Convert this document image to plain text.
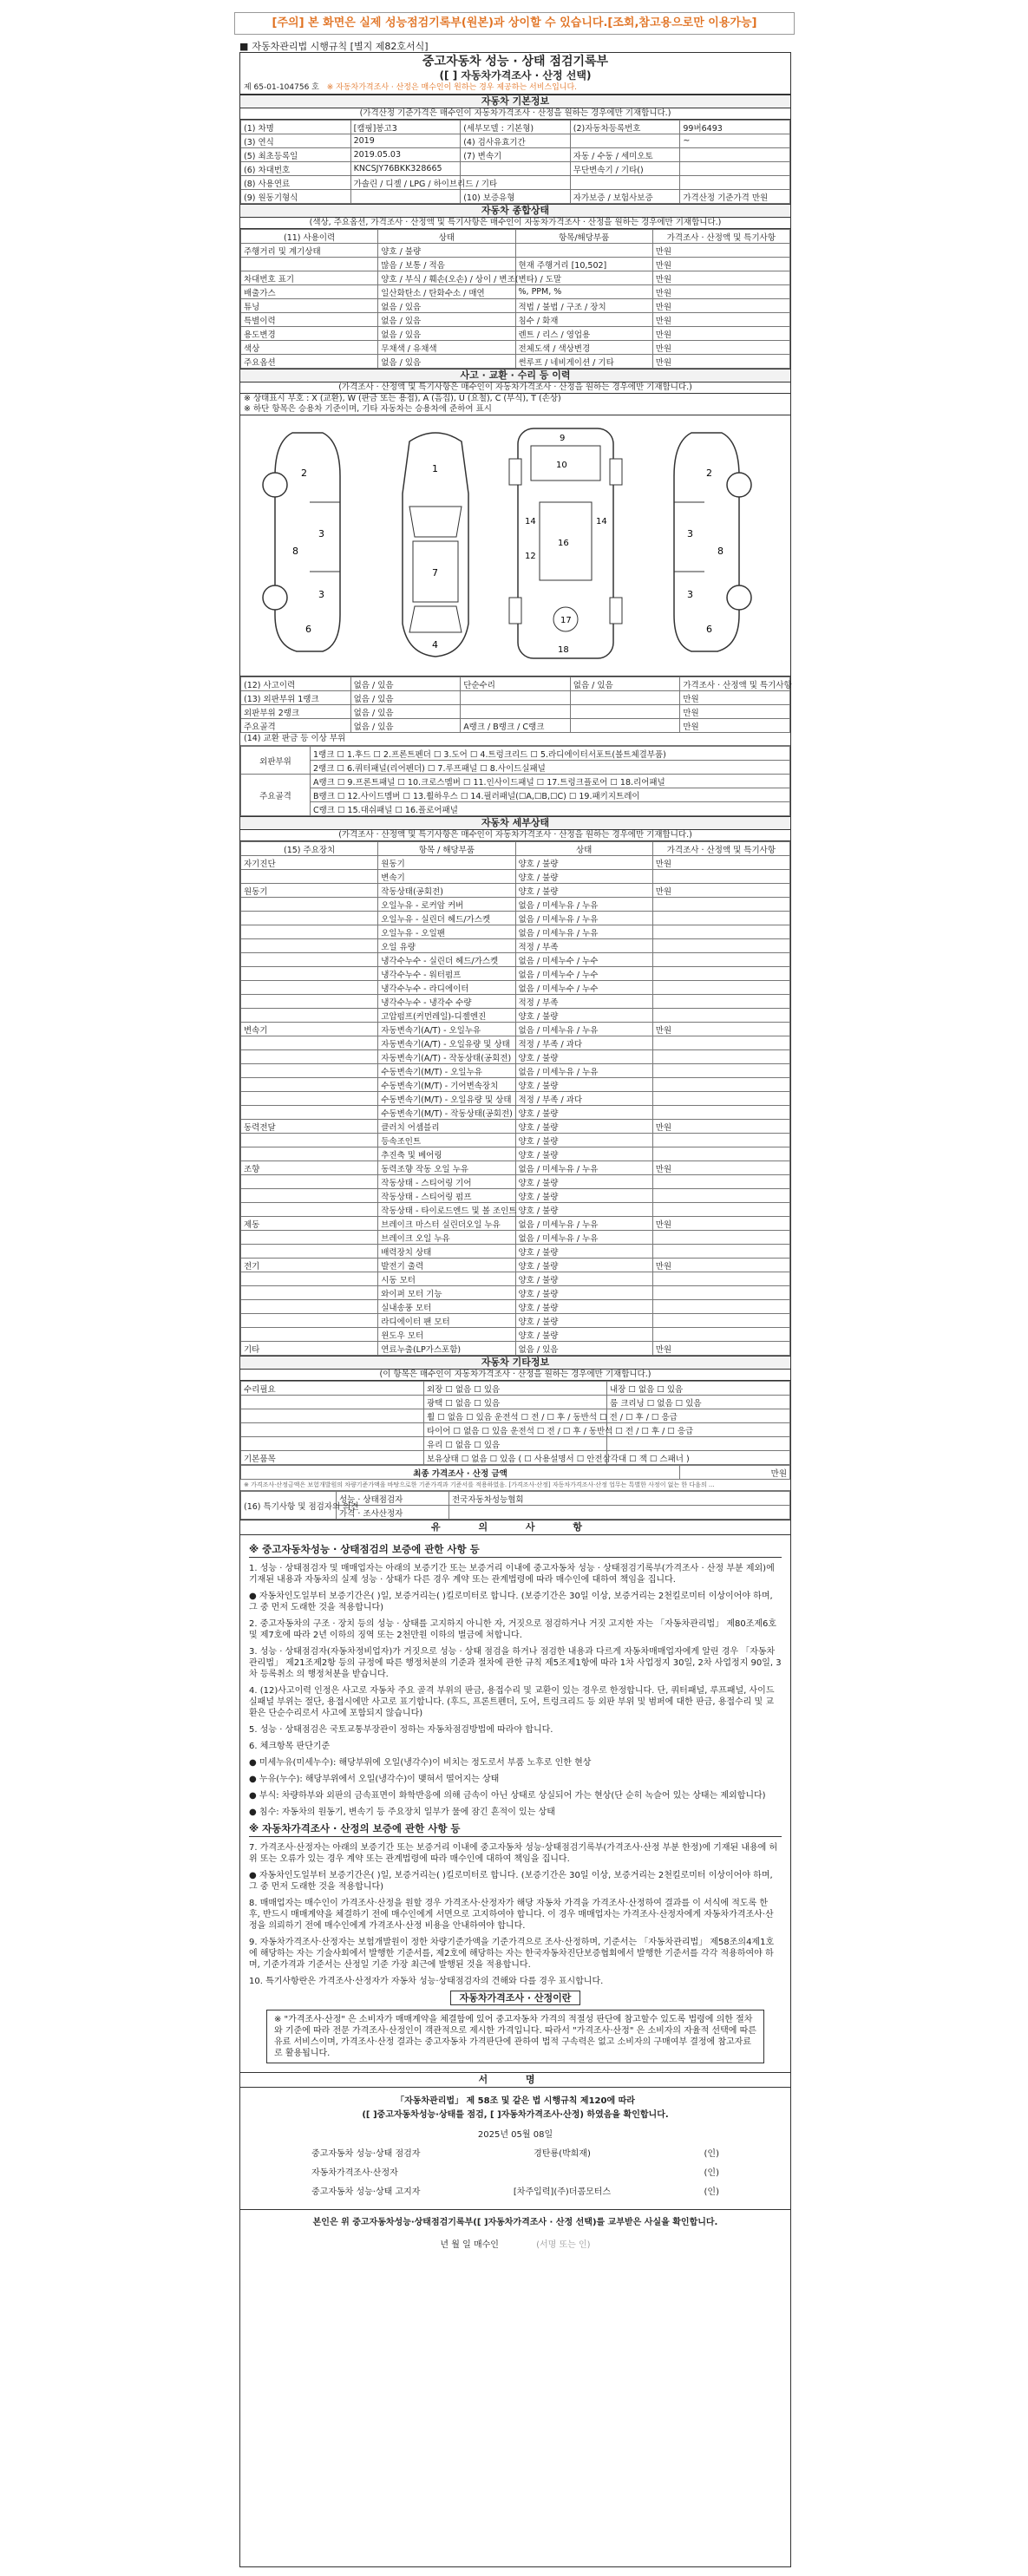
[주의] 본 화면은 실제 성능점검기록부(원본)과 상이할 수 있습니다.[조회,참고용으로만 이용가능]
■ 자동차관리법 시행규칙 [별지 제82호서식]
중고자동차 성능 · 상태 점검기록부
([ ] 자동차가격조사 · 산정 선택)
제 65-01-104756 호 ※ 자동차가격조사 · 산정은 매수인이 원하는 경우 제공하는 서비스입니다.
자동차 기본정보
(가격산정 기준가격은 매수인이 자동차가격조사 · 산정을 원하는 경우에만 기재합니다.)
(1) 차명	[캠핑]봉고3	(세부모델 : 기본형)	(2)자동차등록번호	99버6493
(3) 연식	2019	(4) 검사유효기간		~
(5) 최초등록일	2019.05.03	(7) 변속기	자동 / 수동 / 세미오토	
(6) 차대번호	KNCSJY76BKK328665		무단변속기 / 기타()	
(8) 사용연료	가솔린 / 디젤 / LPG / 하이브리드 / 기타			
(9) 원동기형식		(10) 보증유형	자가보증 / 보험사보증	가격산정 기준가격 만원
자동차 종합상태
(색상, 주요옵션, 가격조사 · 산정액 및 특기사항은 매수인이 자동차가격조사 · 산정을 원하는 경우에만 기재합니다.)
(11) 사용이력	상태	항목/해당부품	가격조사 · 산정액 및 특기사항
주행거리 및 계기상태	양호 / 불량		만원
	많음 / 보통 / 적음	현재 주행거리 [10,502]	만원
차대번호 표기	양호 / 부식 / 훼손(오손) / 상이 / 변조(변타) / 도말		만원
배출가스	일산화탄소 / 탄화수소 / 매연	%, PPM, %	만원
튜닝	없음 / 있음	적법 / 불법 / 구조 / 장치	만원
특별이력	없음 / 있음	침수 / 화재	만원
용도변경	없음 / 있음	렌트 / 리스 / 영업용	만원
색상	무채색 / 유채색	전체도색 / 색상변경	만원
주요옵션	없음 / 있음	썬루프 / 네비게이션 / 기타	만원
사고 · 교환 · 수리 등 이력
(가격조사 · 산정액 및 특기사항은 매수인이 자동차가격조사 · 산정을 원하는 경우에만 기재합니다.)
※ 상태표시 부호 : X (교환), W (판금 또는 용접), A (흠집), U (요철), C (부식), T (손상)
※ 하단 항목은 승용차 기준이며, 기타 자동차는 승용차에 준하여 표시
2
3
3
6
8
1
7
4
9
10
16
17
18
14	14
12
2
3
3
6
8
(12) 사고이력	없음 / 있음	단순수리	없음 / 있음	가격조사 · 산정액 및 특기사항
(13) 외판부위 1랭크	없음 / 있음			만원
외판부위 2랭크	없음 / 있음			만원
주요골격	없음 / 있음	A랭크 / B랭크 / C랭크		만원
(14) 교환 판금 등 이상 부위
외판부위	1랭크 ☐ 1.후드 ☐ 2.프론트펜더 ☐ 3.도어 ☐ 4.트렁크리드 ☐ 5.라디에이터서포트(볼트체결부품)
	2랭크 ☐ 6.쿼터패널(리어펜더) ☐ 7.루프패널 ☐ 8.사이드실패널
주요골격	A랭크 ☐ 9.프론트패널 ☐ 10.크로스멤버 ☐ 11.인사이드패널 ☐ 17.트렁크플로어 ☐ 18.리어패널
	B랭크 ☐ 12.사이드멤버 ☐ 13.휠하우스 ☐ 14.필러패널(☐A,☐B,☐C) ☐ 19.패키지트레이
	C랭크 ☐ 15.대쉬패널 ☐ 16.플로어패널
자동차 세부상태
(가격조사 · 산정액 및 특기사항은 매수인이 자동차가격조사 · 산정을 원하는 경우에만 기재합니다.)
(15) 주요장치	항목 / 해당부품	상태	가격조사 · 산정액 및 특기사항
자기진단	원동기	양호 / 불량	만원
	변속기	양호 / 불량	
원동기	작동상태(공회전)	양호 / 불량	만원
	오일누유 - 로커암 커버	없음 / 미세누유 / 누유	
	오일누유 - 실린더 헤드/가스켓	없음 / 미세누유 / 누유	
	오일누유 - 오일팬	없음 / 미세누유 / 누유	
	오일 유량	적정 / 부족	
	냉각수누수 - 실린더 헤드/가스켓	없음 / 미세누수 / 누수	
	냉각수누수 - 워터펌프	없음 / 미세누수 / 누수	
	냉각수누수 - 라디에이터	없음 / 미세누수 / 누수	
	냉각수누수 - 냉각수 수량	적정 / 부족	
	고압펌프(커먼레일)-디젤엔진	양호 / 불량	
변속기	자동변속기(A/T) - 오일누유	없음 / 미세누유 / 누유	만원
	자동변속기(A/T) - 오일유량 및 상태	적정 / 부족 / 과다	
	자동변속기(A/T) - 작동상태(공회전)	양호 / 불량	
	수동변속기(M/T) - 오일누유	없음 / 미세누유 / 누유	
	수동변속기(M/T) - 기어변속장치	양호 / 불량	
	수동변속기(M/T) - 오일유량 및 상태	적정 / 부족 / 과다	
	수동변속기(M/T) - 작동상태(공회전)	양호 / 불량	
동력전달	클러치 어셈블리	양호 / 불량	만원
	등속조인트	양호 / 불량	
	추진축 및 베어링	양호 / 불량	
조향	동력조향 작동 오일 누유	없음 / 미세누유 / 누유	만원
	작동상태 - 스티어링 기어	양호 / 불량	
	작동상태 - 스티어링 펌프	양호 / 불량	
	작동상태 - 타이로드엔드 및 볼 조인트	양호 / 불량	
제동	브레이크 마스터 실린더오일 누유	없음 / 미세누유 / 누유	만원
	브레이크 오일 누유	없음 / 미세누유 / 누유	
	배력장치 상태	양호 / 불량	
전기	발전기 출력	양호 / 불량	만원
	시동 모터	양호 / 불량	
	와이퍼 모터 기능	양호 / 불량	
	실내송풍 모터	양호 / 불량	
	라디에이터 팬 모터	양호 / 불량	
	윈도우 모터	양호 / 불량	
기타	연료누출(LP가스포함)	없음 / 있음	만원
자동차 기타정보
(이 항목은 매수인이 자동차가격조사 · 산정을 원하는 경우에만 기재합니다.)
수리필요	외장 ☐ 없음 ☐ 있음	내장 ☐ 없음 ☐ 있음
	광택 ☐ 없음 ☐ 있음	룸 크리닝 ☐ 없음 ☐ 있음
	휠 ☐ 없음 ☐ 있음 운전석 ☐ 전 / ☐ 후 / 동반석 ☐ 전 / ☐ 후 / ☐ 응급	
	타이어 ☐ 없음 ☐ 있음 운전석 ☐ 전 / ☐ 후 / 동반석 ☐ 전 / ☐ 후 / ☐ 응급	
	유리 ☐ 없음 ☐ 있음	
기본품목	보유상태 ☐ 없음 ☐ 있음 ( ☐ 사용설명서 ☐ 안전삼각대 ☐ 잭 ☐ 스패너 )	
최종 가격조사 · 산정 금액	만원
※ 가격조사·산정금액은 보험개발원의 차량기준가액을 바탕으로한 기준가격과 기준서를 적용하였음. [가격조사·산정] 자동차가격조사·산정 업무는 특별한 사정이 없는 한 다음의 ...
(16) 특기사항 및 점검자의 의견	성능 · 상태점검자	전국자동차성능협회
	가격 · 조사산정자	
유 의 사 항
※ 중고자동차성능 · 상태점검의 보증에 관한 사항 등

1. 성능 · 상태점검자 및 매매업자는 아래의 보증기간 또는 보증거리 이내에 중고자동차 성능 · 상태점검기록부(가격조사 · 산정 부분 제외)에 기재된 내용과 자동차의 실제 성능 · 상태가 다른 경우 계약 또는 관계법령에 따라 매수인에 대하여 책임을 집니다.

● 자동차인도일부터 보증기간은( )일, 보증거리는( )킬로미터로 합니다. (보증기간은 30일 이상, 보증거리는 2천킬로미터 이상이어야 하며, 그 중 먼저 도래한 것을 적용합니다)

2. 중고자동차의 구조 · 장치 등의 성능 · 상태를 고지하지 아니한 자, 거짓으로 점검하거나 거짓 고지한 자는 「자동차관리법」 제80조제6호 및 제7호에 따라 2년 이하의 징역 또는 2천만원 이하의 벌금에 처합니다.

3. 성능 · 상태점검자(자동차정비업자)가 거짓으로 성능 · 상태 점검을 하거나 점검한 내용과 다르게 자동차매매업자에게 알린 경우 「자동차관리법」 제21조제2항 등의 규정에 따른 행정처분의 기준과 절차에 관한 규칙 제5조제1항에 따라 1차 사업정지 30일, 2차 사업정지 90일, 3차 등록취소 의 행정처분을 받습니다.

4. (12)사고이력 인정은 사고로 자동차 주요 골격 부위의 판금, 용접수리 및 교환이 있는 경우로 한정합니다. 단, 쿼터패널, 루프패널, 사이드실패널 부위는 절단, 용접시에만 사고로 표기합니다. (후드, 프론트펜더, 도어, 트렁크리드 등 외판 부위 및 범퍼에 대한 판금, 용접수리 및 교환은 단순수리로서 사고에 포함되지 않습니다)

5. 성능 · 상태점검은 국토교통부장관이 정하는 자동차점검방법에 따라야 합니다.

6. 체크항목 판단기준

● 미세누유(미세누수): 해당부위에 오일(냉각수)이 비치는 정도로서 부품 노후로 인한 현상

● 누유(누수): 해당부위에서 오일(냉각수)이 맺혀서 떨어지는 상태

● 부식: 차량하부와 외판의 금속표면이 화학반응에 의해 금속이 아닌 상태로 상실되어 가는 현상(단 순히 녹슬어 있는 상태는 제외합니다)

● 침수: 자동차의 원동기, 변속기 등 주요장치 일부가 물에 잠긴 흔적이 있는 상태

※ 자동차가격조사 · 산정의 보증에 관한 사항 등

7. 가격조사·산정자는 아래의 보증기간 또는 보증거리 이내에 중고자동차 성능·상태점검기록부(가격조사·산정 부분 한정)에 기재된 내용에 허위 또는 오류가 있는 경우 계약 또는 관계법령에 따라 매수인에 대하여 책임을 집니다.

● 자동차인도일부터 보증기간은( )일, 보증거리는( )킬로미터로 합니다. (보증기간은 30일 이상, 보증거리는 2천킬로미터 이상이어야 하며, 그 중 먼저 도래한 것을 적용합니다)

8. 매매업자는 매수인이 가격조사·산정을 원할 경우 가격조사·산정자가 해당 자동차 가격을 가격조사·산정하여 결과를 이 서식에 적도록 한 후, 반드시 매매계약을 체결하기 전에 매수인에게 서면으로 고지하여야 합니다. 이 경우 매매업자는 가격조사·산정자에게 자동차가격조사·산정을 의뢰하기 전에 매수인에게 가격조사·산정 비용을 안내하여야 합니다.

9. 자동차가격조사·산정자는 보험개발원이 정한 차량기준가액을 기준가격으로 조사·산정하며, 기준서는 「자동차관리법」 제58조의4제1호에 해당하는 자는 기술사회에서 발행한 기준서를, 제2호에 해당하는 자는 한국자동차진단보증협회에서 발행한 기준서를 각각 적용하여야 하며, 기준가격과 기준서는 산정일 기준 가장 최근에 발행된 것을 적용합니다.

10. 특기사항란은 가격조사·산정자가 자동차 성능·상태점검자의 견해와 다를 경우 표시합니다.

자동차가격조사 · 산정이란
※ "가격조사·산정" 은 소비자가 매매계약을 체결함에 있어 중고자동차 가격의 적절성 판단에 참고할수 있도록 법령에 의한 절차와 기준에 따라 전문 가격조사·산정인이 객관적으로 제시한 가격입니다. 따라서 "가격조사·산정" 은 소비자의 자율적 선택에 따른 유료 서비스이며, 가격조사·산정 결과는 중고자동차 가격판단에 관하여 법적 구속력은 없고 소비자의 구매여부 결정에 참고자료로 활용됩니다.
서 명
「자동차관리법」 제 58조 및 같은 법 시행규칙 제120에 따라
([ ]중고자동차성능·상태를 점검, [ ]자동차가격조사·산정) 하였음을 확인합니다.
2025년 05월 08일
중고자동차 성능·상태 점검자	경탄룡(박희재)	(인)
자동차가격조사·산정자	(인)
중고자동차 성능·상태 고지자	[차주입력](주)더콤모터스	(인)
본인은 위 중고자동차성능·상태점검기록부([ ]자동차가격조사 · 산정 선택)를 교부받은 사실을 확인합니다.
년 월 일 매수인	(서명 또는 인)
